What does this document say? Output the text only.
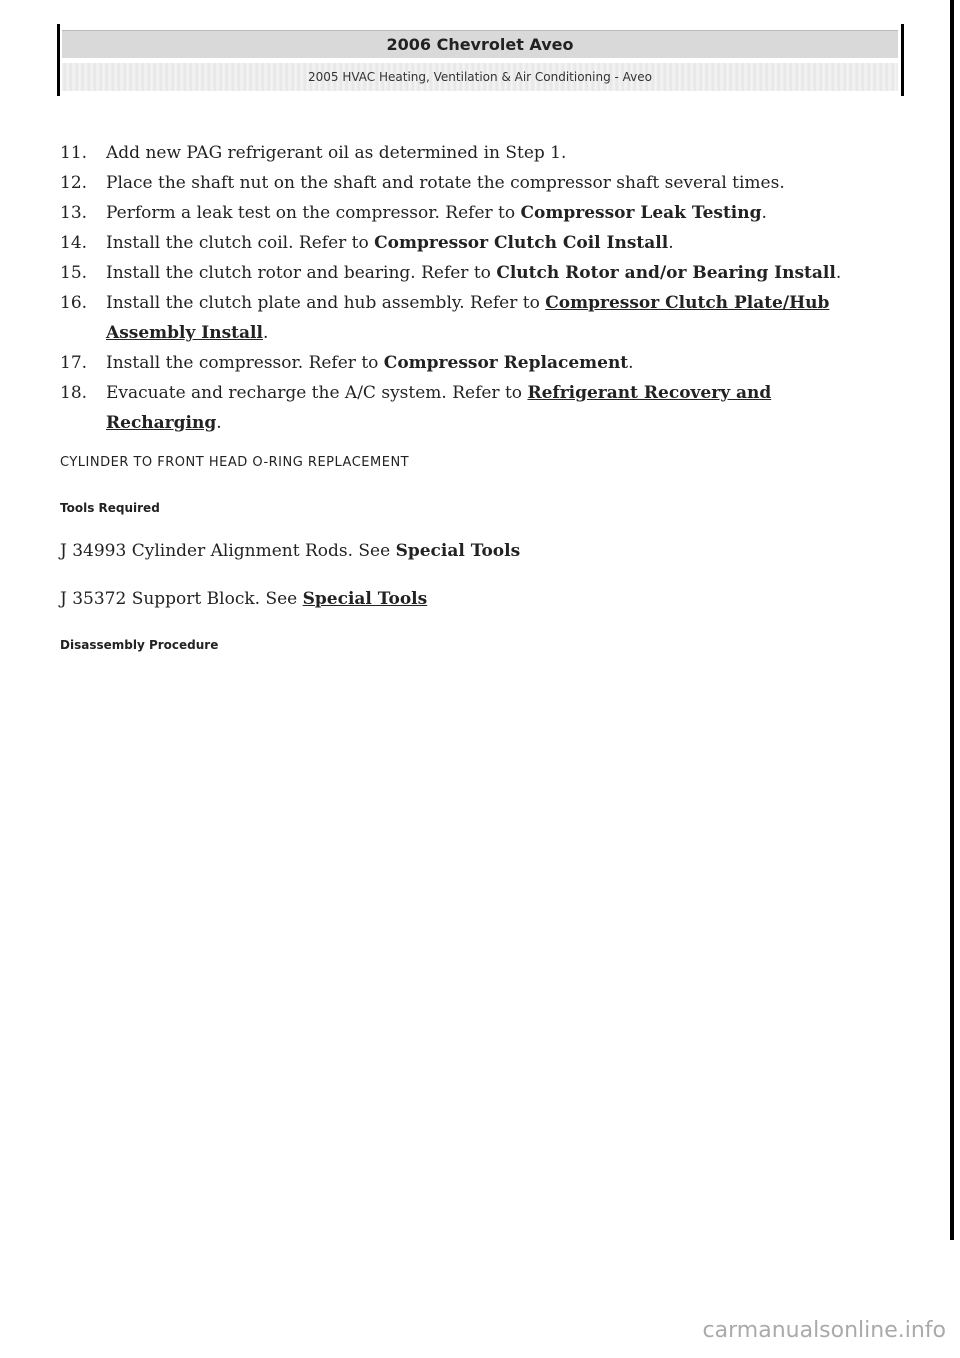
2006 Chevrolet Aveo
2005 HVAC Heating, Ventilation & Air Conditioning - Aveo
11.	Add new PAG refrigerant oil as determined in Step 1.
12.	Place the shaft nut on the shaft and rotate the compressor shaft several times.
13.	Perform a leak test on the compressor. Refer to Compressor Leak Testing.
14.	Install the clutch coil. Refer to Compressor Clutch Coil Install.
15.	Install the clutch rotor and bearing. Refer to Clutch Rotor and/or Bearing Install.
16.	Install the clutch plate and hub assembly. Refer to Compressor Clutch Plate/Hub Assembly Install.
17.	Install the compressor. Refer to Compressor Replacement.
18.	Evacuate and recharge the A/C system. Refer to Refrigerant Recovery and Recharging.
CYLINDER TO FRONT HEAD O-RING REPLACEMENT
Tools Required
J 34993 Cylinder Alignment Rods. See Special Tools
J 35372 Support Block. See Special Tools
Disassembly Procedure
carmanualsonline.info
